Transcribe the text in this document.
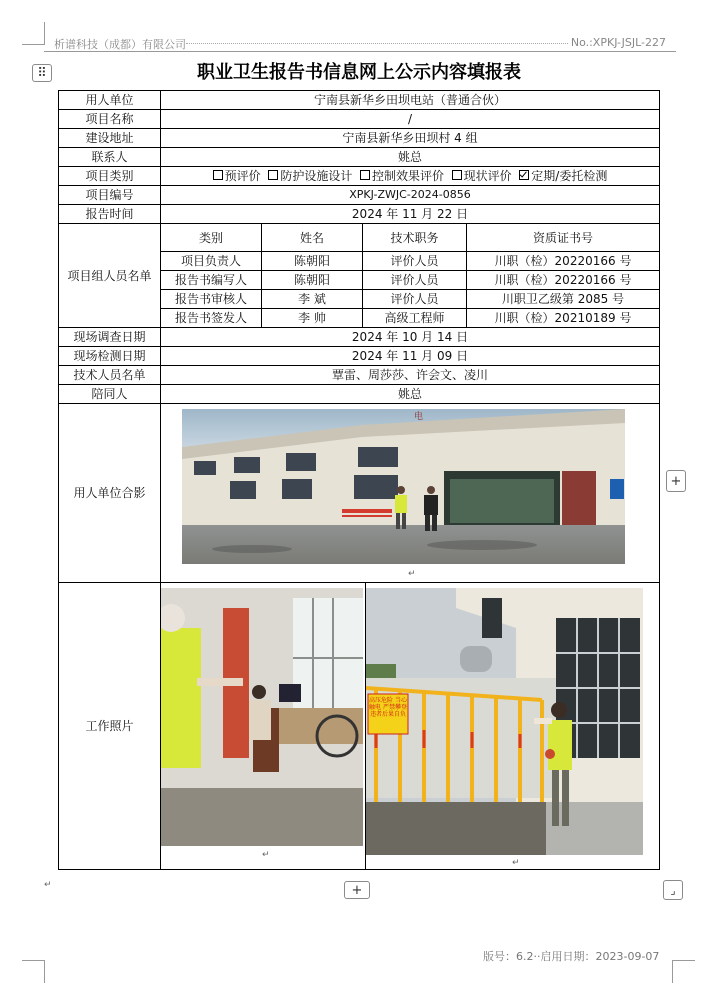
析谱科技（成都）有限公司	No.:XPKJ-JSJL-227
⠿	职业卫生报告书信息网上公示内容填报表
用人单位	宁南县新华乡田坝电站（普通合伙）
项目名称	/
建设地址	宁南县新华乡田坝村 4 组
联系人	姚总
项目类别	预评价 防护设施设计 控制效果评价 现状评价 定期/委托检测
项目编号	XPKJ-ZWJC-2024-0856
报告时间	2024 年 11 月 22 日
项目组人员名单	
类别	姓名	技术职务	资质证书号
项目负责人	陈朝阳	评价人员	川职（检）20220166 号
报告书编写人	陈朝阳	评价人员	川职（检）20220166 号
报告书审核人	李 斌	评价人员	川职卫乙级第 2085 号
报告书签发人	李 帅	高级工程师	川职（检）20210189 号

现场调查日期	2024 年 10 月 14 日
现场检测日期	2024 年 11 月 09 日
技术人员名单	覃雷、周莎莎、许会文、凌川
陪同人	姚总
用人单位合影	
工作照片	
电
高压危险 当心触电 严禁攀登 违者后果自负
↵
↵
↵
↵
+
+	⌟
版号：6.2··启用日期：2023-09-07
